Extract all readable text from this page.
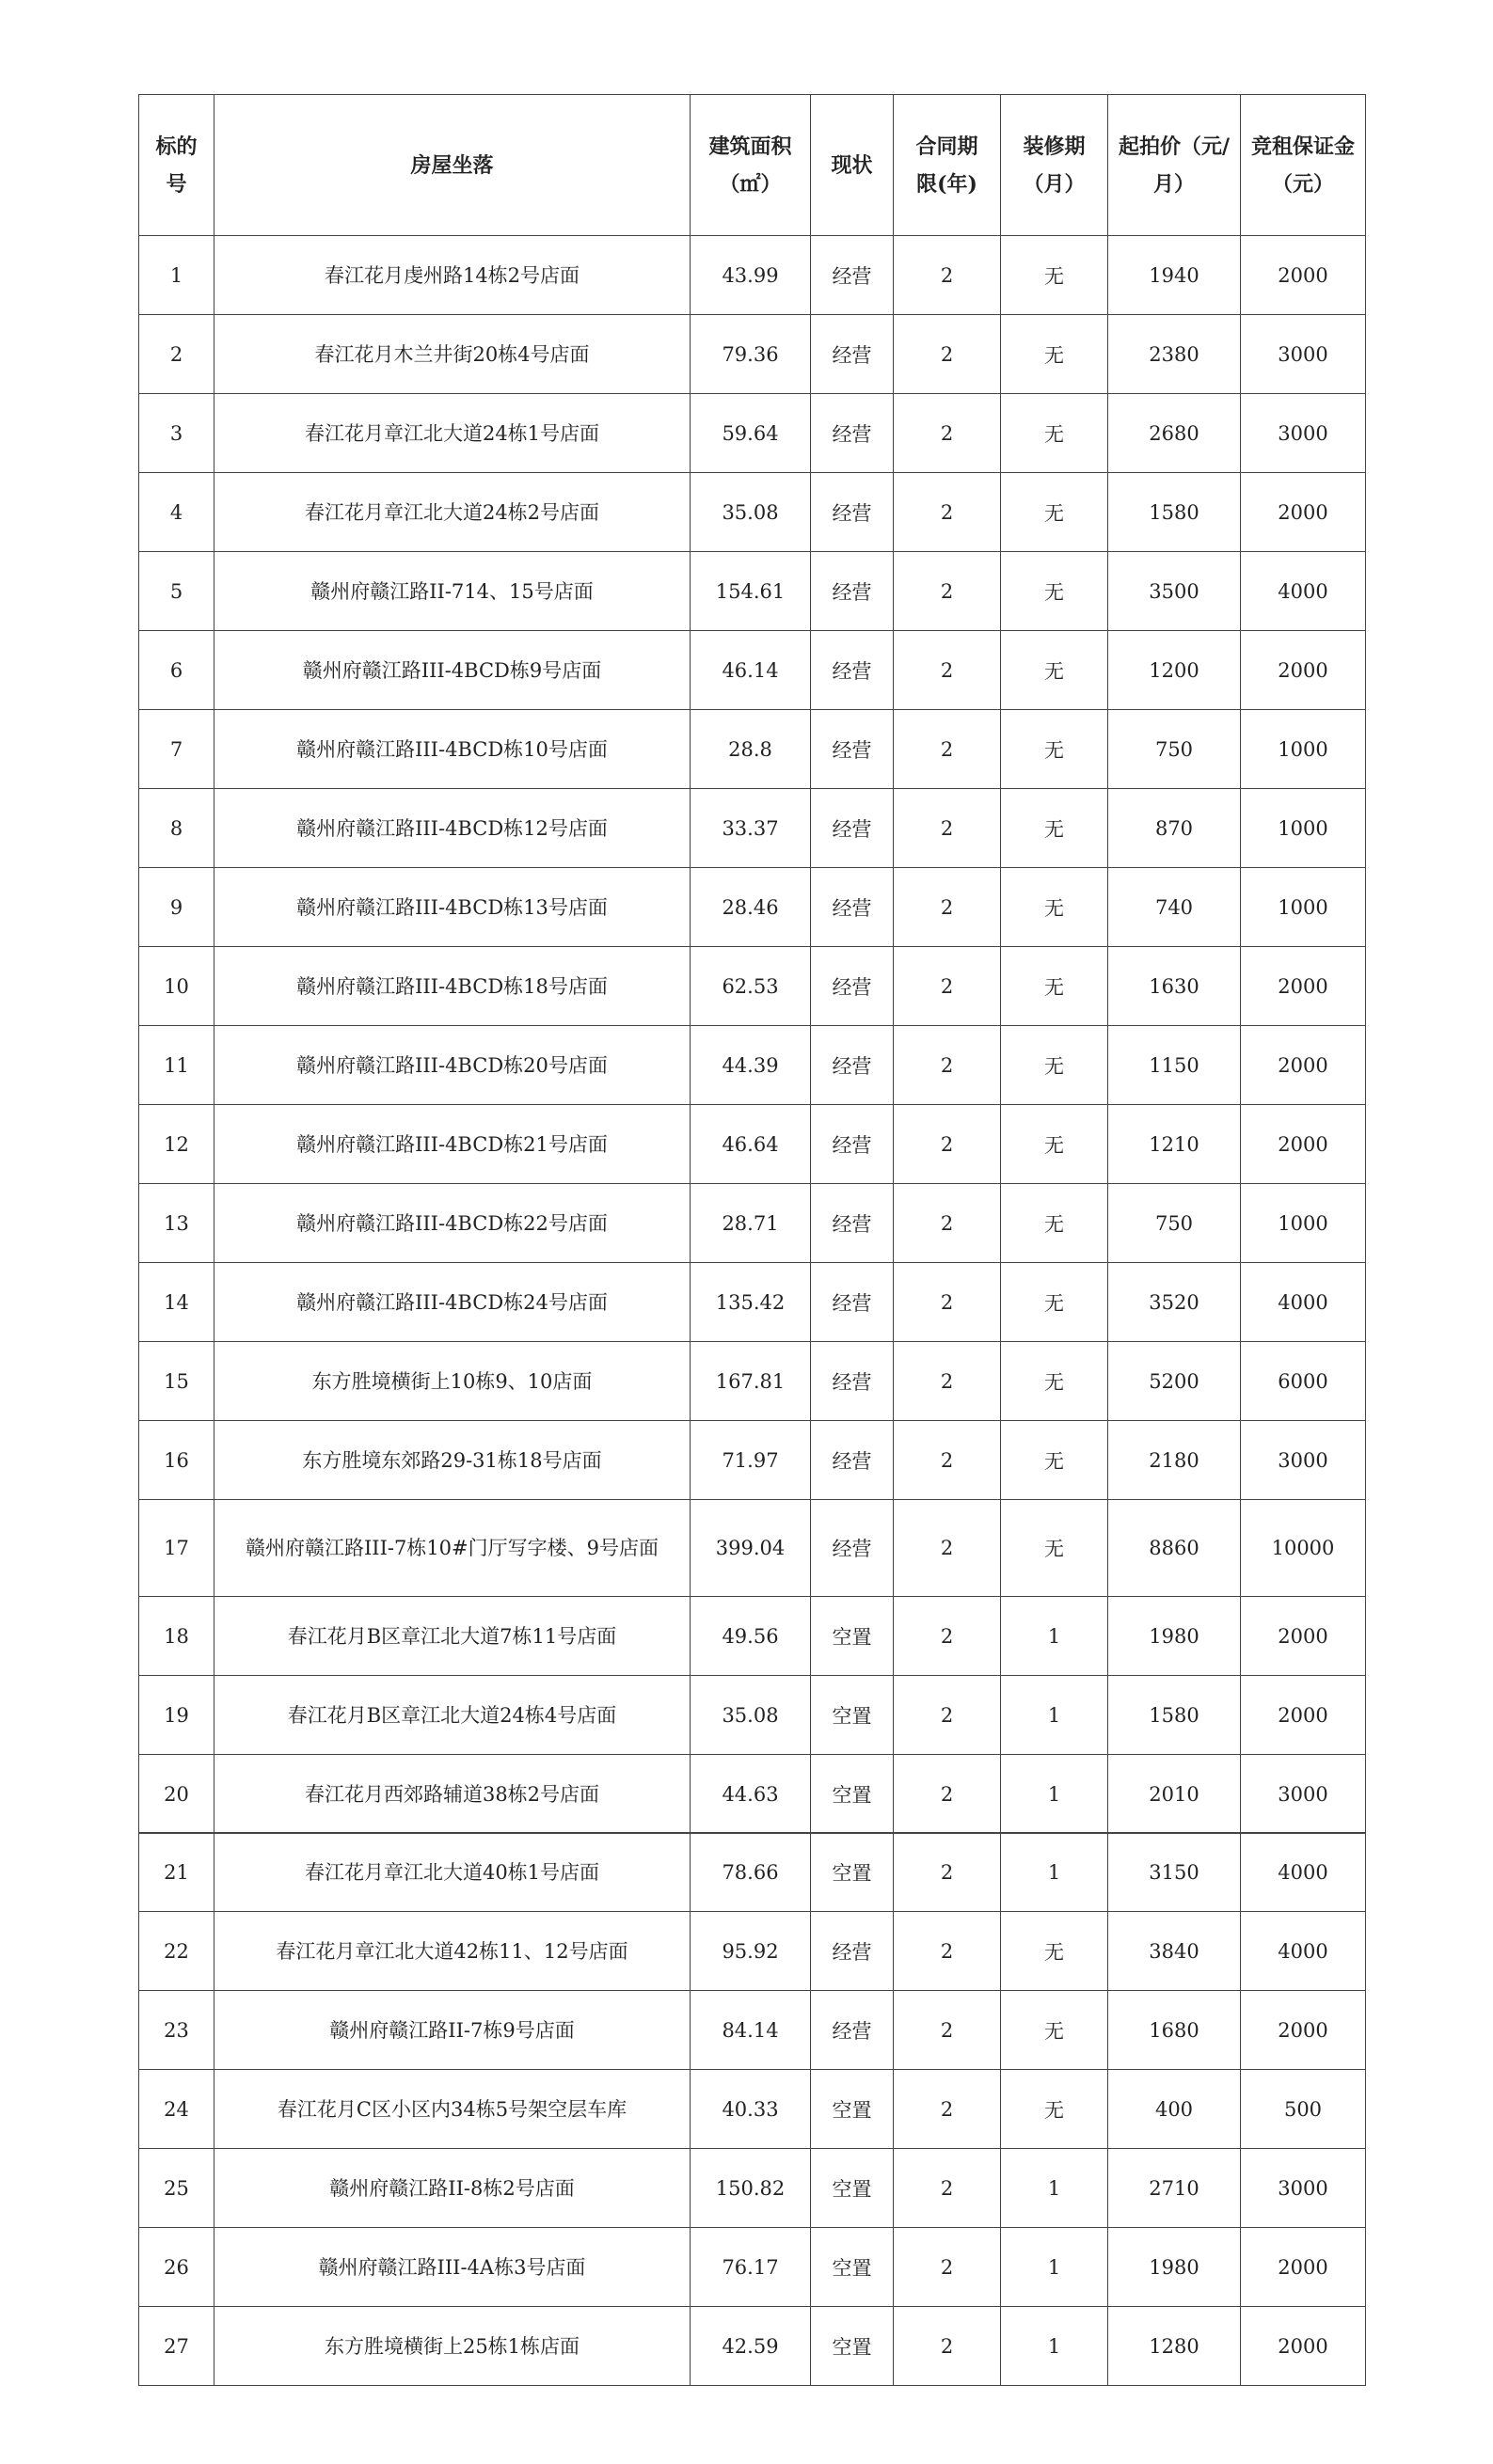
标的号	房屋坐落	建筑面积（㎡）	现状	合同期限(年)	装修期（月）	起拍价（元/月）	竞租保证金（元）
1	春江花月虔州路14栋2号店面	43.99	经营	2	无	1940	2000
2	春江花月木兰井街20栋4号店面	79.36	经营	2	无	2380	3000
3	春江花月章江北大道24栋1号店面	59.64	经营	2	无	2680	3000
4	春江花月章江北大道24栋2号店面	35.08	经营	2	无	1580	2000
5	赣州府赣江路II-714、15号店面	154.61	经营	2	无	3500	4000
6	赣州府赣江路III-4BCD栋9号店面	46.14	经营	2	无	1200	2000
7	赣州府赣江路III-4BCD栋10号店面	28.8	经营	2	无	750	1000
8	赣州府赣江路III-4BCD栋12号店面	33.37	经营	2	无	870	1000
9	赣州府赣江路III-4BCD栋13号店面	28.46	经营	2	无	740	1000
10	赣州府赣江路III-4BCD栋18号店面	62.53	经营	2	无	1630	2000
11	赣州府赣江路III-4BCD栋20号店面	44.39	经营	2	无	1150	2000
12	赣州府赣江路III-4BCD栋21号店面	46.64	经营	2	无	1210	2000
13	赣州府赣江路III-4BCD栋22号店面	28.71	经营	2	无	750	1000
14	赣州府赣江路III-4BCD栋24号店面	135.42	经营	2	无	3520	4000
15	东方胜境横街上10栋9、10店面	167.81	经营	2	无	5200	6000
16	东方胜境东郊路29-31栋18号店面	71.97	经营	2	无	2180	3000
17	赣州府赣江路III-7栋10#门厅写字楼、9号店面	399.04	经营	2	无	8860	10000
18	春江花月B区章江北大道7栋11号店面	49.56	空置	2	1	1980	2000
19	春江花月B区章江北大道24栋4号店面	35.08	空置	2	1	1580	2000
20	春江花月西郊路辅道38栋2号店面	44.63	空置	2	1	2010	3000
21	春江花月章江北大道40栋1号店面	78.66	空置	2	1	3150	4000
22	春江花月章江北大道42栋11、12号店面	95.92	经营	2	无	3840	4000
23	赣州府赣江路II-7栋9号店面	84.14	经营	2	无	1680	2000
24	春江花月C区小区内34栋5号架空层车库	40.33	空置	2	无	400	500
25	赣州府赣江路II-8栋2号店面	150.82	空置	2	1	2710	3000
26	赣州府赣江路III-4A栋3号店面	76.17	空置	2	1	1980	2000
27	东方胜境横街上25栋1栋店面	42.59	空置	2	1	1280	2000
